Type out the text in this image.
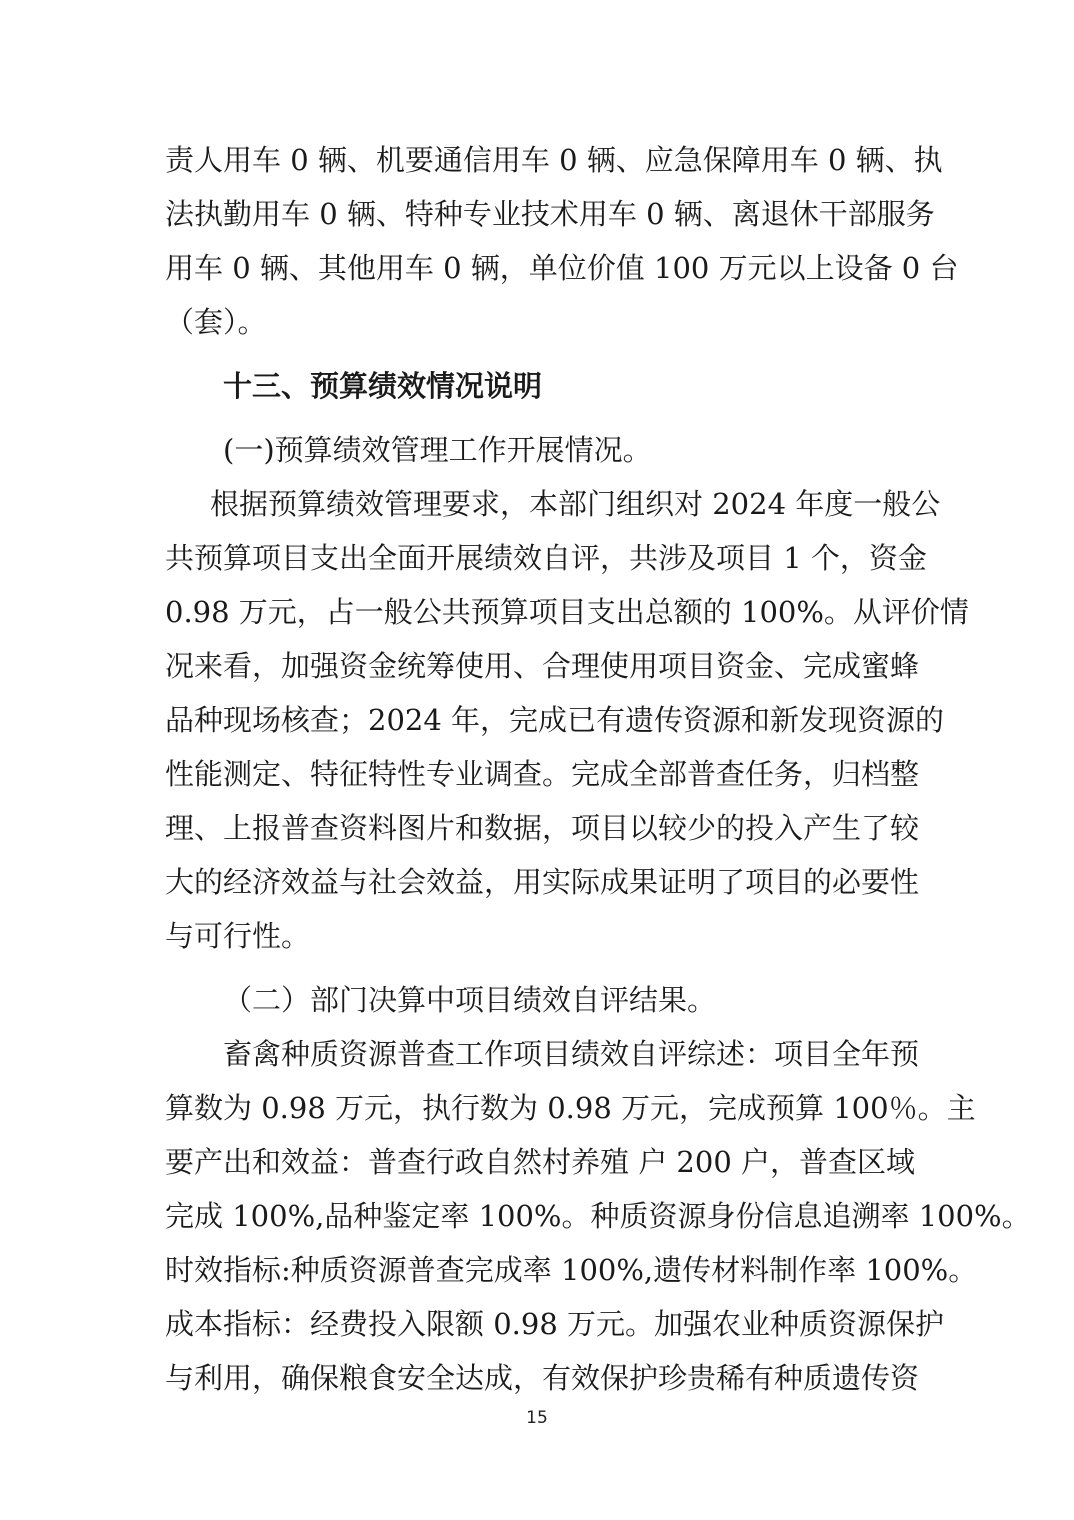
责人用车 0 辆、机要通信用车 0 辆、应急保障用车 0 辆、执
法执勤用车 0 辆、特种专业技术用车 0 辆、离退休干部服务
用车 0 辆、其他用车 0 辆，单位价值 100 万元以上设备 0 台
（套）。
十三、预算绩效情况说明
(一)预算绩效管理工作开展情况。
根据预算绩效管理要求，本部门组织对 2024 年度一般公
共预算项目支出全面开展绩效自评，共涉及项目 1 个，资金
0.98 万元，占一般公共预算项目支出总额的 100%。从评价情
况来看，加强资金统筹使用、合理使用项目资金、完成蜜蜂
品种现场核查；2024 年，完成已有遗传资源和新发现资源的
性能测定、特征特性专业调查。完成全部普查任务，归档整
理、上报普查资料图片和数据，项目以较少的投入产生了较
大的经济效益与社会效益，用实际成果证明了项目的必要性
与可行性。
（二）部门决算中项目绩效自评结果。
畜禽种质资源普查工作项目绩效自评综述：项目全年预
算数为 0.98 万元，执行数为 0.98 万元，完成预算 100％。主
要产出和效益：普查行政自然村养殖 户 200 户，普查区域
完成 100%,品种鉴定率 100%。种质资源身份信息追溯率 100%。
时效指标:种质资源普查完成率 100%,遗传材料制作率 100%。
成本指标：经费投入限额 0.98 万元。加强农业种质资源保护
与利用，确保粮食安全达成，有效保护珍贵稀有种质遗传资
15
